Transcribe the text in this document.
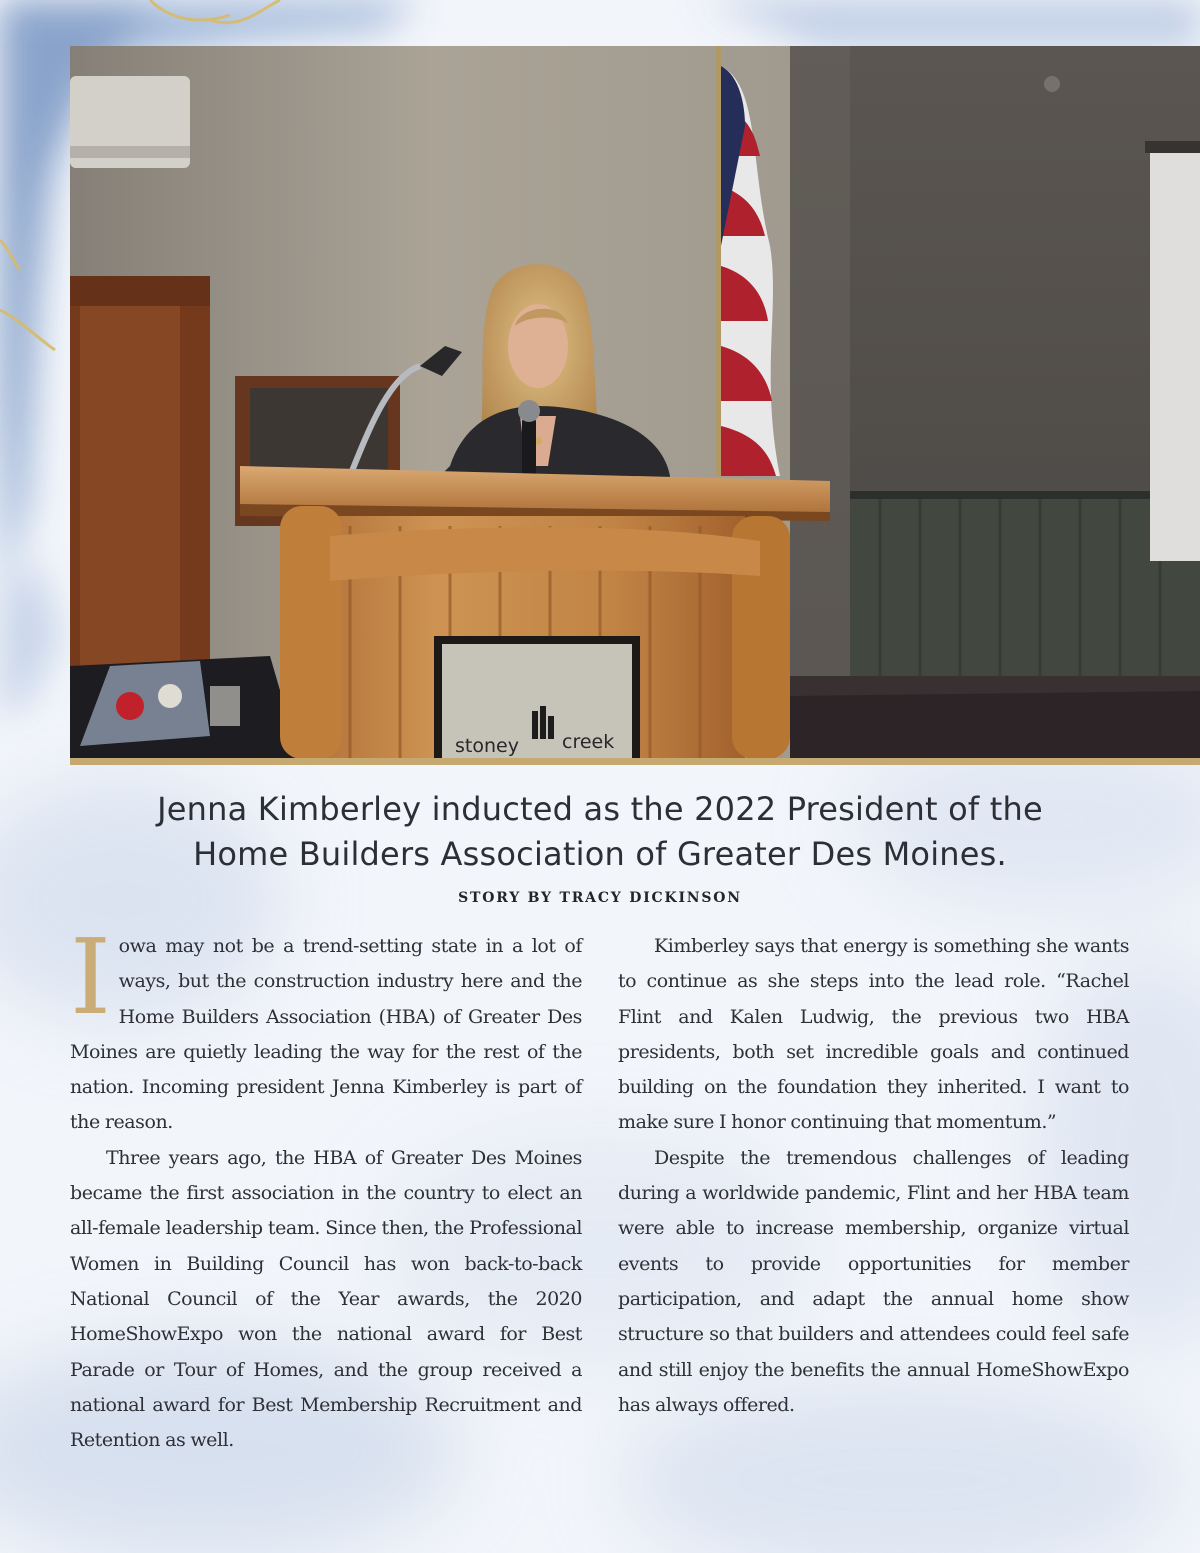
stoney creek
Jenna Kimberley inducted as the 2022 President of the
Home Builders Association of Greater Des Moines.
STORY BY TRACY DICKINSON

Iowa may not be a trend-setting state in a lot of ways, but the construction industry here and the Home Builders Association (HBA) of Greater Des Moines are quietly leading the way for the rest of the nation. Incoming president Jenna Kimberley is part of the reason.

Three years ago, the HBA of Greater Des Moines became the first association in the country to elect an all-female leadership team. Since then, the Professional Women in Building Council has won back-to-back National Council of the Year awards, the 2020 HomeShowExpo won the national award for Best Parade or Tour of Homes, and the group received a national award for Best Membership Recruitment and Retention as well.

Kimberley says that energy is something she wants to continue as she steps into the lead role. “Rachel Flint and Kalen Ludwig, the previous two HBA presidents, both set incredible goals and continued building on the foundation they inherited. I want to make sure I honor continuing that momentum.”

Despite the tremendous challenges of leading during a worldwide pandemic, Flint and her HBA team were able to increase membership, organize virtual events to provide opportunities for member participation, and adapt the annual home show structure so that builders and attendees could feel safe and still enjoy the benefits the annual HomeShowExpo has always offered.
